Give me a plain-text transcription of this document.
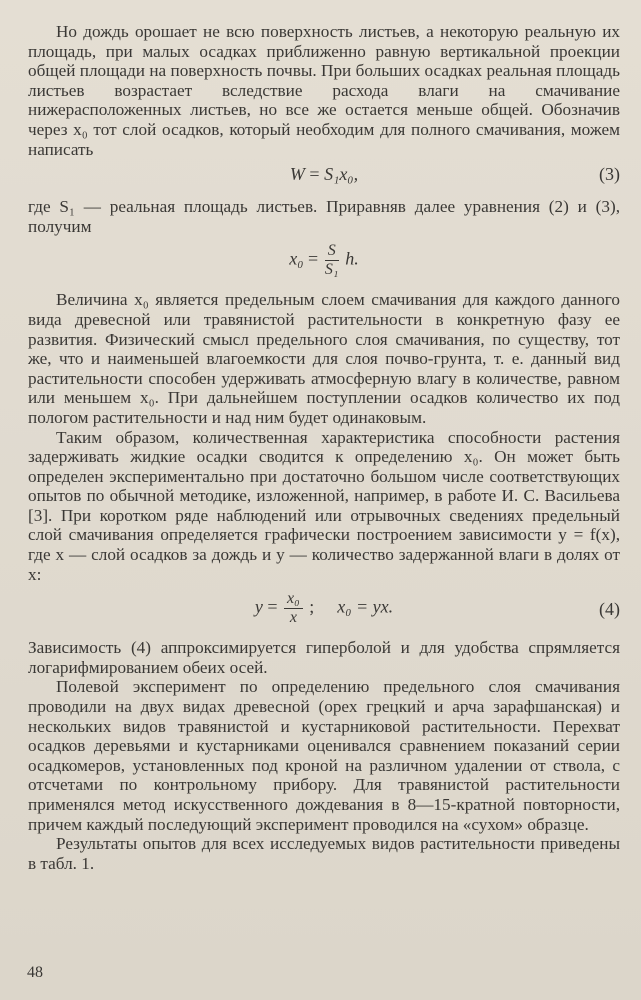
Но дождь орошает не всю поверхность листьев, а некоторую реальную их площадь, при малых осадках приближенно равную вертикальной проекции общей площади на поверхность почвы. При больших осадках реальная площадь листьев возрастает вследствие расхода влаги на смачивание нижерасположенных листьев, но все же остается меньше общей. Обозначив через x₀ тот слой осадков, который необходим для полного смачивания, можем написать

W = S₁x₀,	(3)

где S₁ — реальная площадь листьев. Приравняв далее уравнения (2) и (3), получим

$x_0 = \frac{S}{\text{S₁}} h$.

Величина x₀ является предельным слоем смачивания для каждого данного вида древесной или травянистой растительности в конкретную фазу ее развития. Физический смысл предельного слоя смачивания, по существу, тот же, что и наименьшей влагоемкости для слоя почво-грунта, т. е. данный вид растительности способен удерживать атмосферную влагу в количестве, равном или меньшем x₀. При дальнейшем поступлении осадков количество их под пологом растительности и над ним будет одинаковым.

Таким образом, количественная характеристика способности растения задерживать жидкие осадки сводится к определению x₀. Он может быть определен экспериментально при достаточно большом числе соответствующих опытов по обычной методике, изложенной, например, в работе И. С. Васильева [3]. При коротком ряде наблюдений или отрывочных сведениях предельный слой смачивания определяется графически построением зависимости y = f(x), где x — слой осадков за дождь и y — количество задержанной влаги в долях от x:

$y = \frac{\text{x₀}}{x}$ ; x₀ = yx.	(4)

Зависимость (4) аппроксимируется гиперболой и для удобства спрямляется логарифмированием обеих осей.

Полевой эксперимент по определению предельного слоя смачивания проводили на двух видах древесной (орех грецкий и арча зарафшанская) и нескольких видов травянистой и кустарниковой растительности. Перехват осадков деревьями и кустарниками оценивался сравнением показаний серии осадкомеров, установленных под кроной на различном удалении от ствола, с отсчетами по контрольному прибору. Для травянистой растительности применялся метод искусственного дождевания в 8—15-кратной повторности, причем каждый последующий эксперимент проводился на «сухом» образце.

Результаты опытов для всех исследуемых видов растительности приведены в табл. 1.

48
